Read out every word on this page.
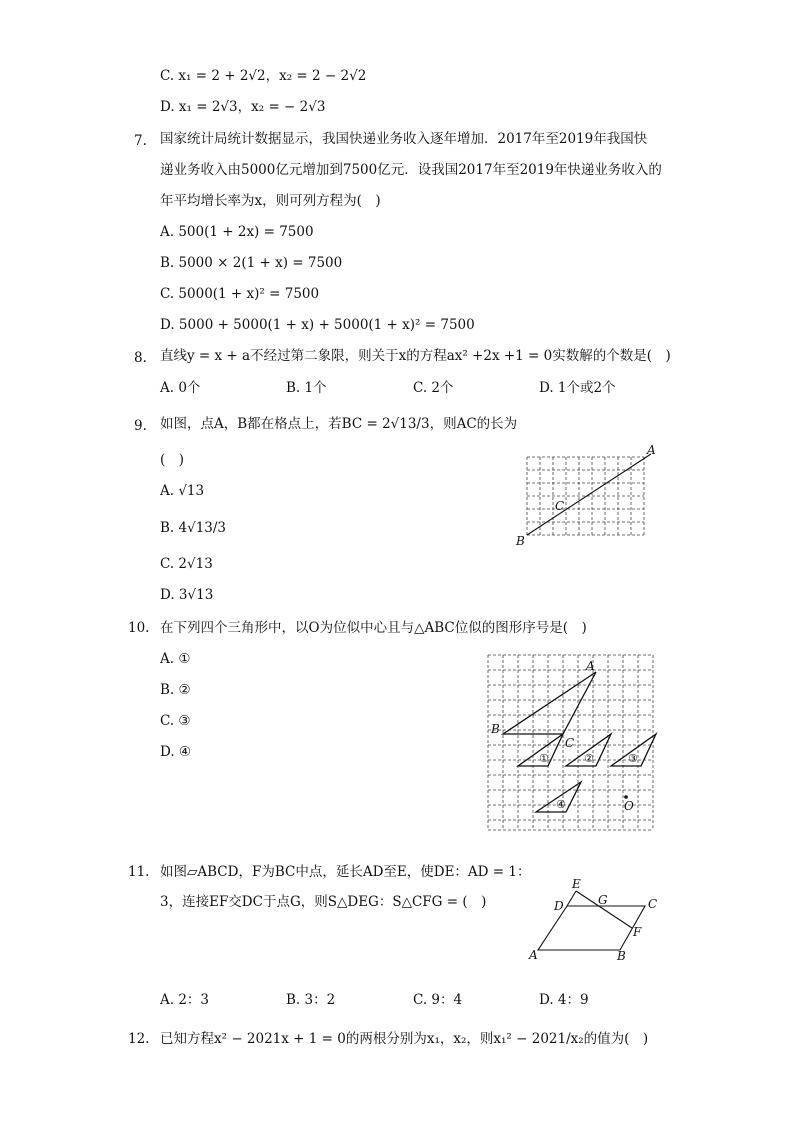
C. x₁ = 2 + 2√2，x₂ = 2 − 2√2
D. x₁ = 2√3，x₂ = − 2√3
7. 国家统计局统计数据显示，我国快递业务收入逐年增加．2017年至2019年我国快
递业务收入由5000亿元增加到7500亿元．设我国2017年至2019年快递业务收入的
年平均增长率为x，则可列方程为(　)
A. 500(1 + 2x) = 7500
B. 5000 × 2(1 + x) = 7500
C. 5000(1 + x)² = 7500
D. 5000 + 5000(1 + x) + 5000(1 + x)² = 7500
8. 直线y = x + a不经过第二象限，则关于x的方程ax² +2x +1 = 0实数解的个数是(　)
A. 0个	B. 1个	C. 2个	D. 1个或2个
9. 如图，点A，B都在格点上，若BC = 2√13/3，则AC的长为
(　)
A. √13
B. 4√13/3
C. 2√13
D. 3√13
A
B
C
10. 在下列四个三角形中，以O为位似中心且与△ABC位似的图形序号是(　)
A. ①
B. ②
C. ③
D. ④
A
B
C
O
①	②	③
④
11. 如图▱ABCD，F为BC中点，延长AD至E，使DE：AD = 1：
3，连接EF交DC于点G，则S△DEG：S△CFG = (　)
A. 2：3	B. 3：2	C. 9：4	D. 4：9
E
D	G	C
F
A	B
12. 已知方程x² − 2021x + 1 = 0的两根分别为x₁，x₂，则x₁² − 2021/x₂的值为(　)
